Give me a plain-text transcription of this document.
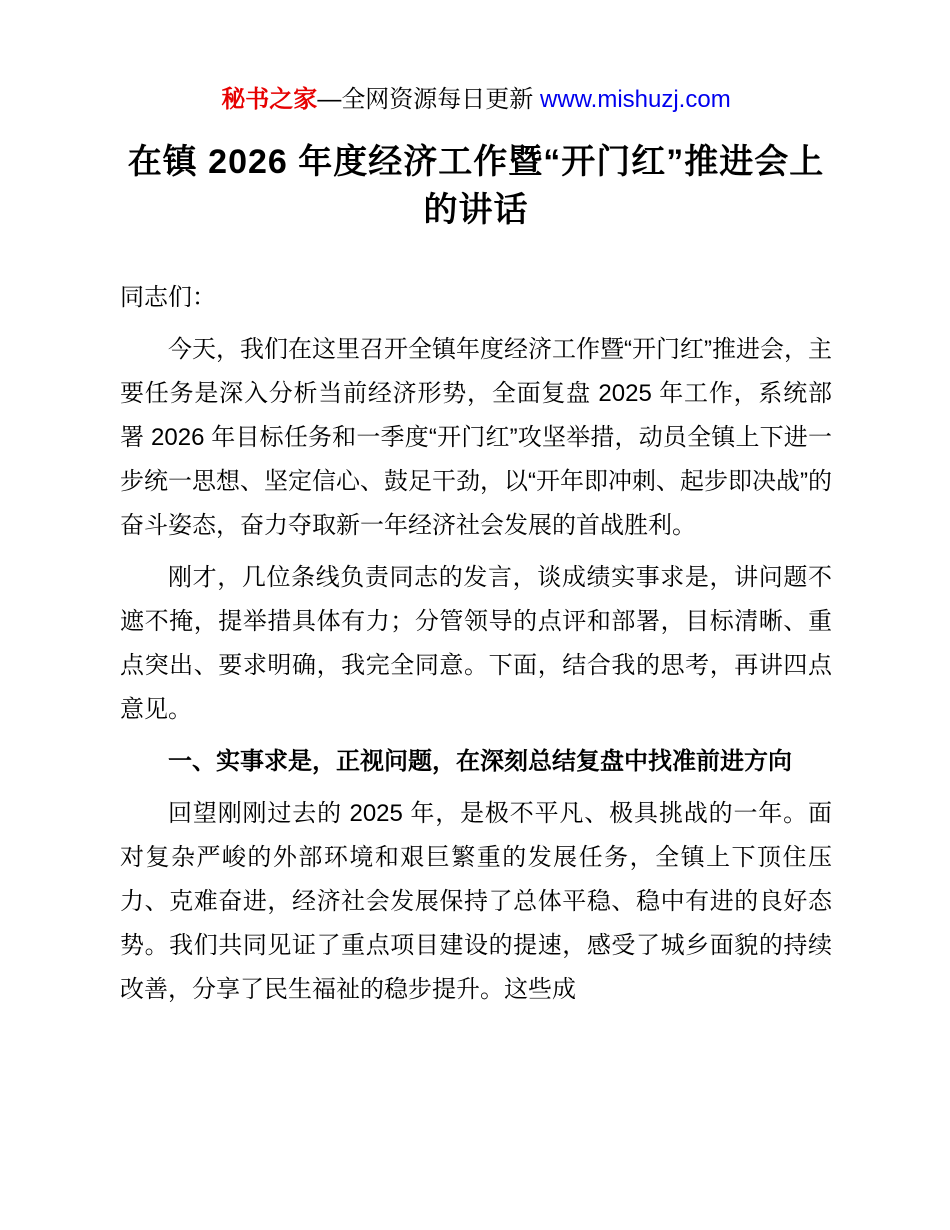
秘书之家—全网资源每日更新 www.mishuzj.com
在镇 2026 年度经济工作暨“开门红”推进会上的讲话

同志们：

今天，我们在这里召开全镇年度经济工作暨“开门红”推进会，主要任务是深入分析当前经济形势，全面复盘 2025 年工作，系统部署 2026 年目标任务和一季度“开门红”攻坚举措，动员全镇上下进一步统一思想、坚定信心、鼓足干劲，以“开年即冲刺、起步即决战”的奋斗姿态，奋力夺取新一年经济社会发展的首战胜利。

刚才，几位条线负责同志的发言，谈成绩实事求是，讲问题不遮不掩，提举措具体有力；分管领导的点评和部署，目标清晰、重点突出、要求明确，我完全同意。下面，结合我的思考，再讲四点意见。

一、实事求是，正视问题，在深刻总结复盘中找准前进方向

回望刚刚过去的 2025 年，是极不平凡、极具挑战的一年。面对复杂严峻的外部环境和艰巨繁重的发展任务，全镇上下顶住压力、克难奋进，经济社会发展保持了总体平稳、稳中有进的良好态势。我们共同见证了重点项目建设的提速，感受了城乡面貌的持续改善，分享了民生福祉的稳步提升。这些成
